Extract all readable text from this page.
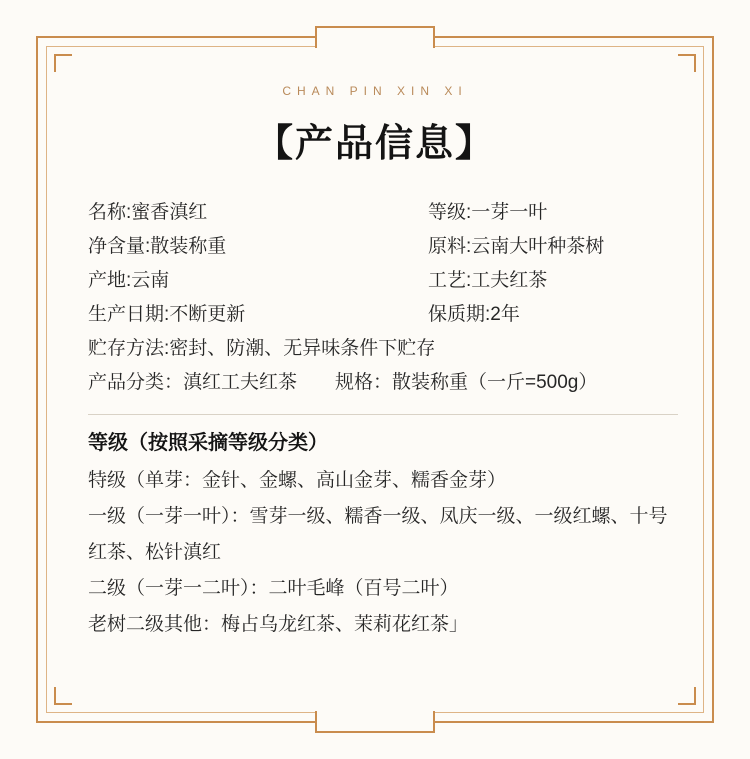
CHAN PIN XIN XI
【产品信息】
名称:蜜香滇红	等级:一芽一叶
净含量:散装称重	原料:云南大叶种茶树
产地:云南	工艺:工夫红茶
生产日期:不断更新	保质期:2年
贮存方法:密封、防潮、无异味条件下贮存
产品分类：滇红工夫红茶　　规格：散装称重（一斤=500g）
等级（按照采摘等级分类）
特级（单芽：金针、金螺、高山金芽、糯香金芽）
一级（一芽一叶）：雪芽一级、糯香一级、凤庆一级、一级红螺、十号红茶、松针滇红
二级（一芽一二叶）：二叶毛峰（百号二叶）
老树二级其他：梅占乌龙红茶、茉莉花红茶」
